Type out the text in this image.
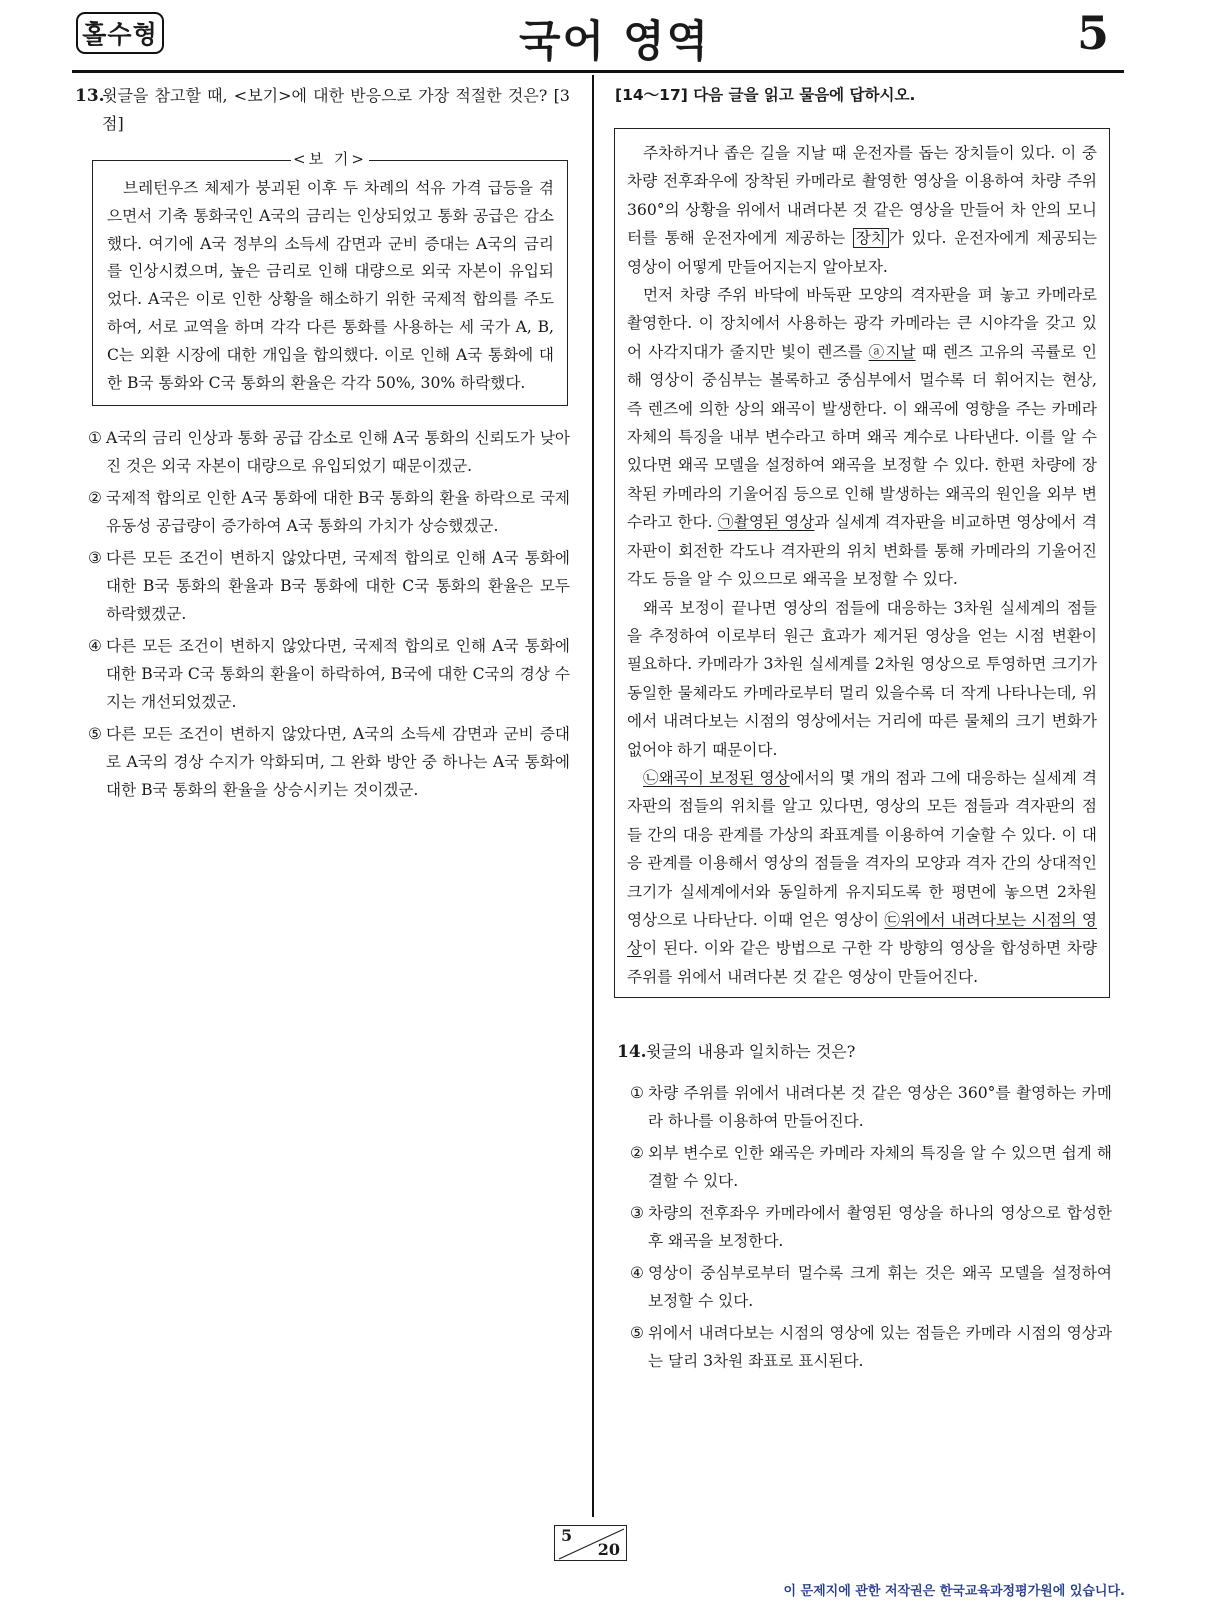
홀수형	국어 영역	5
13.
윗글을 참고할 때, <보기>에 대한 반응으로 가장 적절한 것은? [3점]
<보 기>
브레턴우즈 체제가 붕괴된 이후 두 차례의 석유 가격 급등을 겪으면서 기축 통화국인 A국의 금리는 인상되었고 통화 공급은 감소했다. 여기에 A국 정부의 소득세 감면과 군비 증대는 A국의 금리를 인상시켰으며, 높은 금리로 인해 대량으로 외국 자본이 유입되었다. A국은 이로 인한 상황을 해소하기 위한 국제적 합의를 주도하여, 서로 교역을 하며 각각 다른 통화를 사용하는 세 국가 A, B, C는 외환 시장에 대한 개입을 합의했다. 이로 인해 A국 통화에 대한 B국 통화와 C국 통화의 환율은 각각 50%, 30% 하락했다.
① A국의 금리 인상과 통화 공급 감소로 인해 A국 통화의 신뢰도가 낮아진 것은 외국 자본이 대량으로 유입되었기 때문이겠군.
② 국제적 합의로 인한 A국 통화에 대한 B국 통화의 환율 하락으로 국제 유동성 공급량이 증가하여 A국 통화의 가치가 상승했겠군.
③ 다른 모든 조건이 변하지 않았다면, 국제적 합의로 인해 A국 통화에 대한 B국 통화의 환율과 B국 통화에 대한 C국 통화의 환율은 모두 하락했겠군.
④ 다른 모든 조건이 변하지 않았다면, 국제적 합의로 인해 A국 통화에 대한 B국과 C국 통화의 환율이 하락하여, B국에 대한 C국의 경상 수지는 개선되었겠군.
⑤ 다른 모든 조건이 변하지 않았다면, A국의 소득세 감면과 군비 증대로 A국의 경상 수지가 악화되며, 그 완화 방안 중 하나는 A국 통화에 대한 B국 통화의 환율을 상승시키는 것이겠군.
[14～17] 다음 글을 읽고 물음에 답하시오.

주차하거나 좁은 길을 지날 때 운전자를 돕는 장치들이 있다. 이 중 차량 전후좌우에 장착된 카메라로 촬영한 영상을 이용하여 차량 주위 360°의 상황을 위에서 내려다본 것 같은 영상을 만들어 차 안의 모니터를 통해 운전자에게 제공하는 장치 가 있다. 운전자에게 제공되는 영상이 어떻게 만들어지는지 알아보자.

먼저 차량 주위 바닥에 바둑판 모양의 격자판을 펴 놓고 카메라로 촬영한다. 이 장치에서 사용하는 광각 카메라는 큰 시야각을 갖고 있어 사각지대가 줄지만 빛이 렌즈를 ⓐ지날 때 렌즈 고유의 곡률로 인해 영상이 중심부는 볼록하고 중심부에서 멀수록 더 휘어지는 현상, 즉 렌즈에 의한 상의 왜곡이 발생한다. 이 왜곡에 영향을 주는 카메라 자체의 특징을 내부 변수라고 하며 왜곡 계수로 나타낸다. 이를 알 수 있다면 왜곡 모델을 설정하여 왜곡을 보정할 수 있다. 한편 차량에 장착된 카메라의 기울어짐 등으로 인해 발생하는 왜곡의 원인을 외부 변수라고 한다. ㉠촬영된 영상과 실세계 격자판을 비교하면 영상에서 격자판이 회전한 각도나 격자판의 위치 변화를 통해 카메라의 기울어진 각도 등을 알 수 있으므로 왜곡을 보정할 수 있다.

왜곡 보정이 끝나면 영상의 점들에 대응하는 3차원 실세계의 점들을 추정하여 이로부터 원근 효과가 제거된 영상을 얻는 시점 변환이 필요하다. 카메라가 3차원 실세계를 2차원 영상으로 투영하면 크기가 동일한 물체라도 카메라로부터 멀리 있을수록 더 작게 나타나는데, 위에서 내려다보는 시점의 영상에서는 거리에 따른 물체의 크기 변화가 없어야 하기 때문이다.

㉡왜곡이 보정된 영상에서의 몇 개의 점과 그에 대응하는 실세계 격자판의 점들의 위치를 알고 있다면, 영상의 모든 점들과 격자판의 점들 간의 대응 관계를 가상의 좌표계를 이용하여 기술할 수 있다. 이 대응 관계를 이용해서 영상의 점들을 격자의 모양과 격자 간의 상대적인 크기가 실세계에서와 동일하게 유지되도록 한 평면에 놓으면 2차원 영상으로 나타난다. 이때 얻은 영상이 ㉢위에서 내려다보는 시점의 영상이 된다. 이와 같은 방법으로 구한 각 방향의 영상을 합성하면 차량 주위를 위에서 내려다본 것 같은 영상이 만들어진다.

14. 윗글의 내용과 일치하는 것은?
① 차량 주위를 위에서 내려다본 것 같은 영상은 360°를 촬영하는 카메라 하나를 이용하여 만들어진다.
② 외부 변수로 인한 왜곡은 카메라 자체의 특징을 알 수 있으면 쉽게 해결할 수 있다.
③ 차량의 전후좌우 카메라에서 촬영된 영상을 하나의 영상으로 합성한 후 왜곡을 보정한다.
④ 영상이 중심부로부터 멀수록 크게 휘는 것은 왜곡 모델을 설정하여 보정할 수 있다.
⑤ 위에서 내려다보는 시점의 영상에 있는 점들은 카메라 시점의 영상과는 달리 3차원 좌표로 표시된다.
5
20
이 문제지에 관한 저작권은 한국교육과정평가원에 있습니다.
